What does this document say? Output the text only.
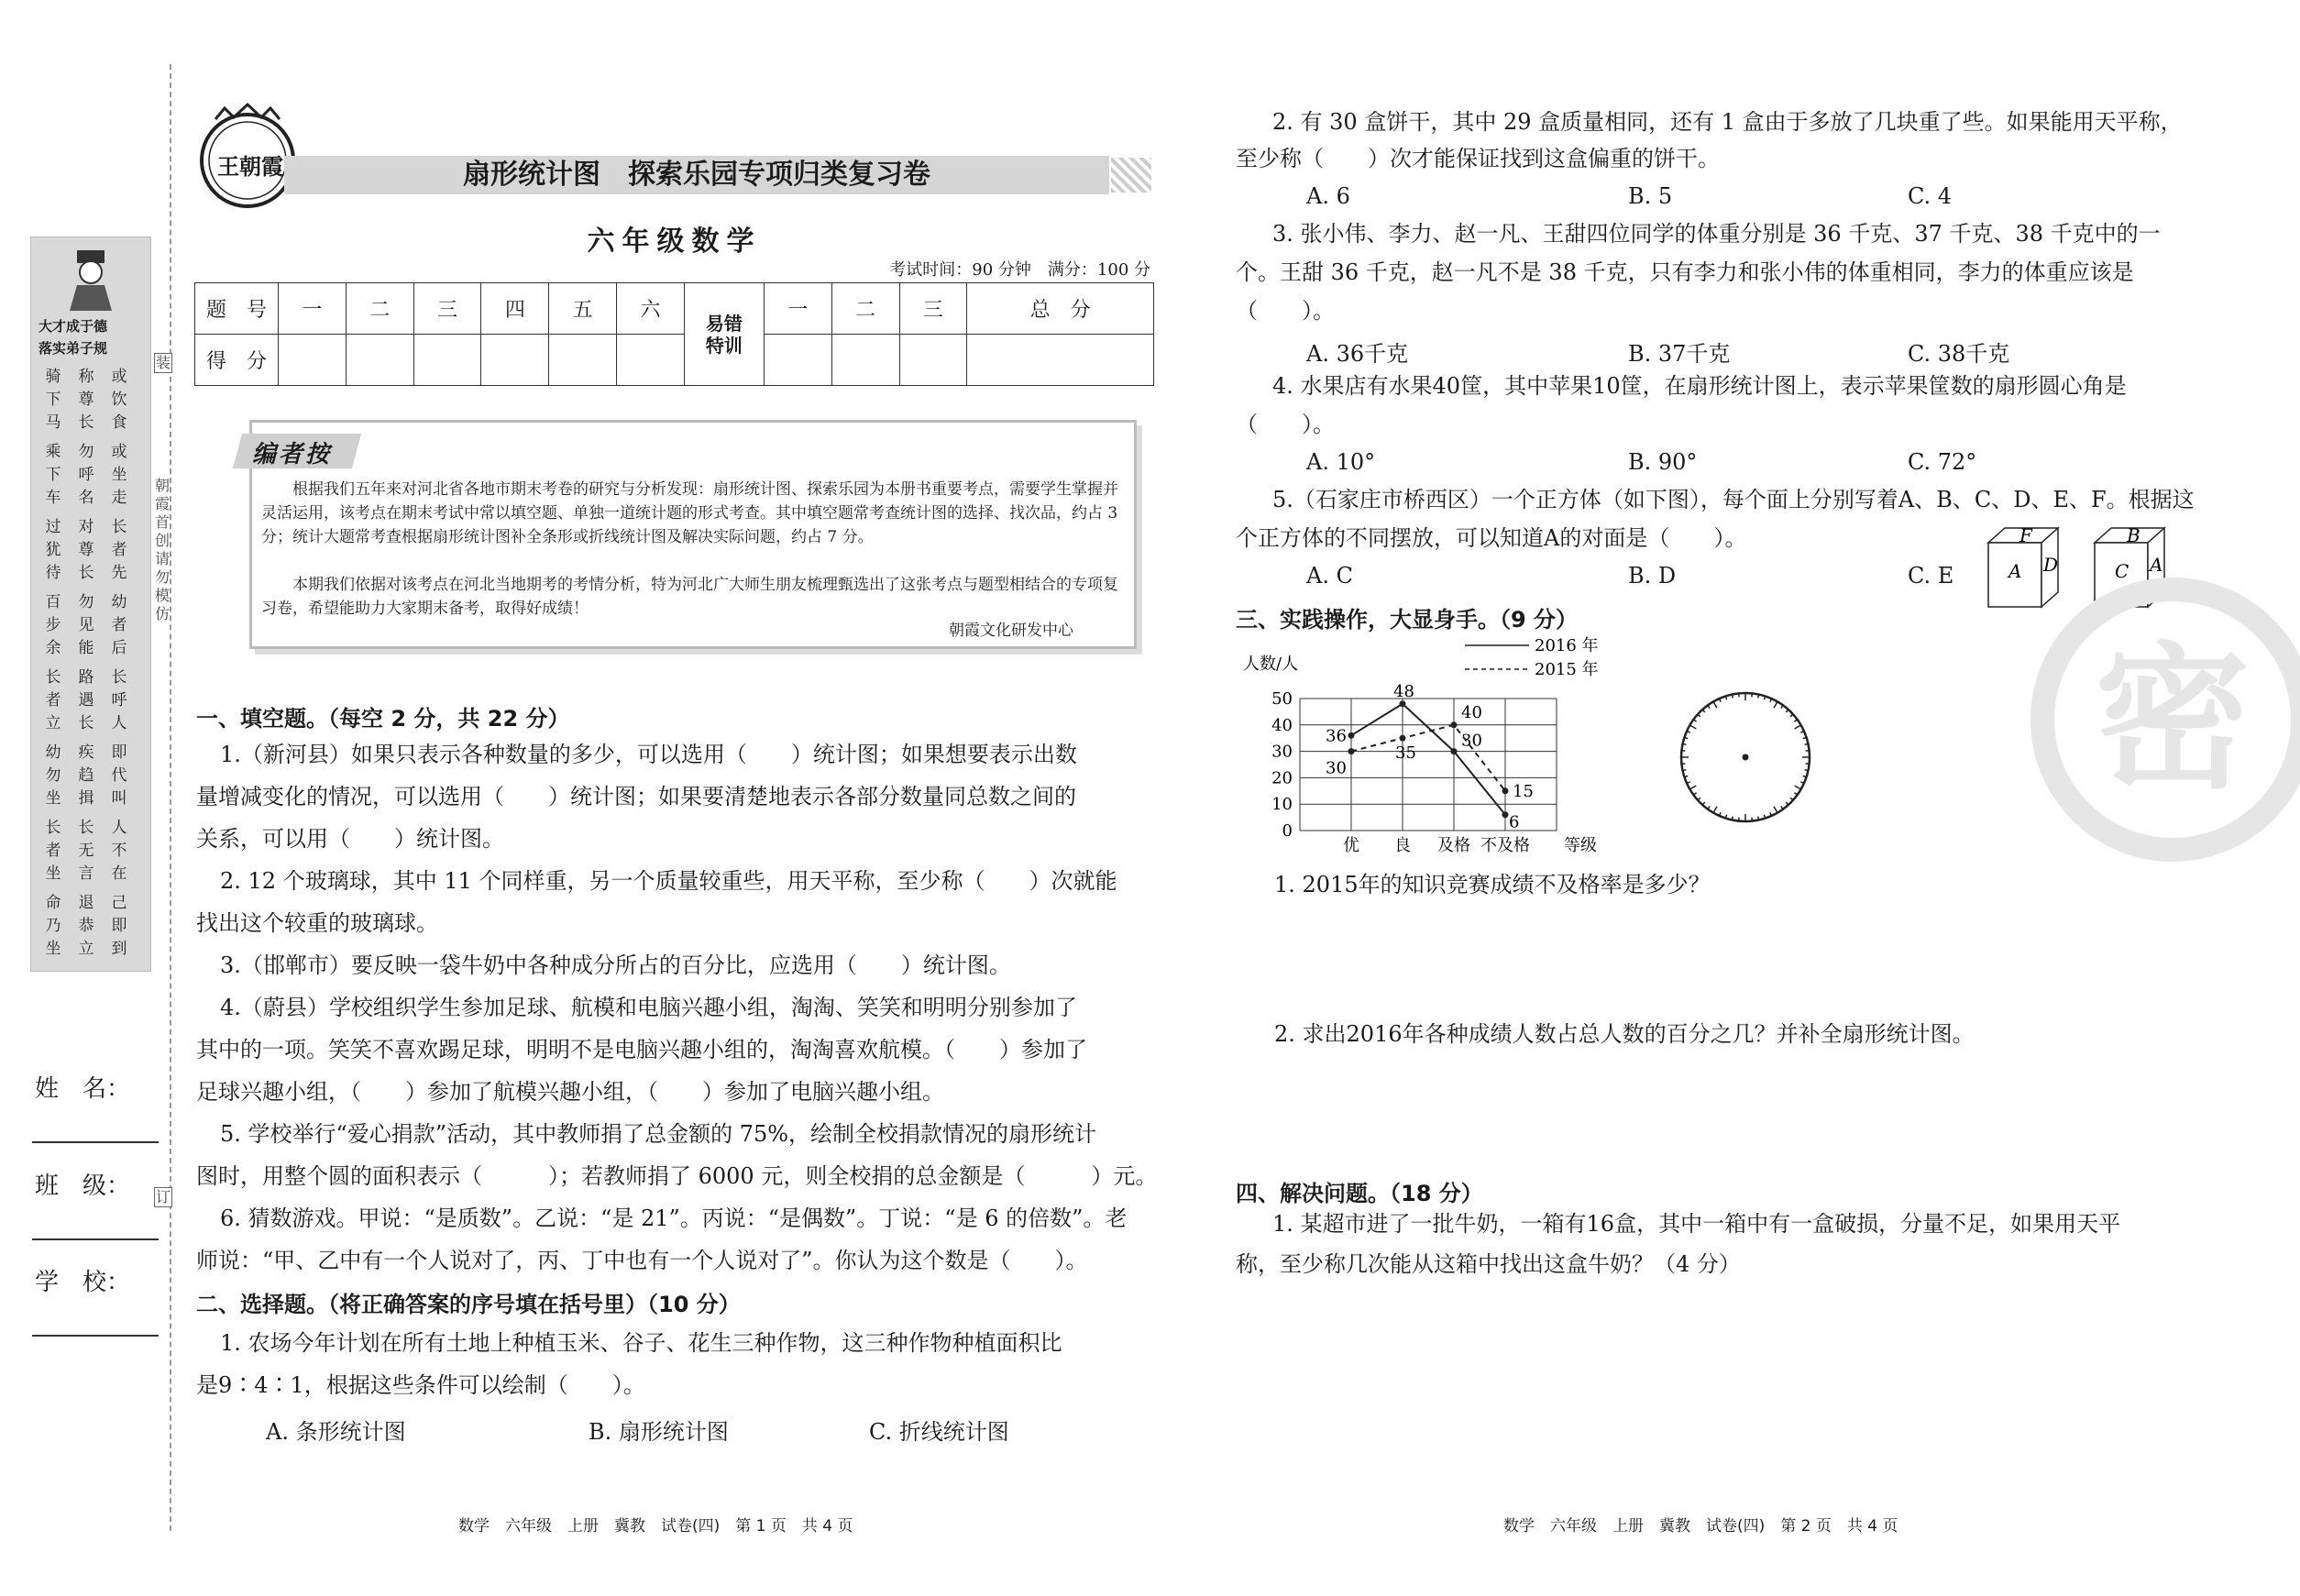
大才成于德
落实弟子规
骑下马
称尊长
或饮食
乘下车
勿呼名
或坐走
过犹待
对尊长
长者先
百步余
勿见能
幼者后
长者立
路遇长
长呼人
幼勿坐
疾趋揖
即代叫
长者坐
长无言
人不在
命乃坐
退恭立
己即到
姓　名：
班　级：
学　校：
装
朝霞首创　请勿模仿
订
王朝霞	扇形统计图　探索乐园专项归类复习卷
六年级数学
考试时间：90 分钟　满分：100 分
题　号	一	二	三	四	五	六	易错特训	一	二	三	总　分
得　分											
编者按
　　根据我们五年来对河北省各地市期末考卷的研究与分析发现：扇形统计图、探索乐园为本册书重要考点，需要学生掌握并灵活运用，该考点在期末考试中常以填空题、单独一道统计题的形式考查。其中填空题常考查统计图的选择、找次品，约占 3 分；统计大题常考查根据扇形统计图补全条形或折线统计图及解决实际问题，约占 7 分。
　　本期我们依据对该考点在河北当地期考的考情分析，特为河北广大师生朋友梳理甄选出了这张考点与题型相结合的专项复习卷，希望能助力大家期末备考，取得好成绩！
朝霞文化研发中心
一、填空题。（每空 2 分，共 22 分）
1.（新河县）如果只表示各种数量的多少，可以选用（　　）统计图；如果想要表示出数
量增减变化的情况，可以选用（　　）统计图；如果要清楚地表示各部分数量同总数之间的
关系，可以用（　　）统计图。
2. 12 个玻璃球，其中 11 个同样重，另一个质量较重些，用天平称，至少称（　　）次就能
找出这个较重的玻璃球。
3.（邯郸市）要反映一袋牛奶中各种成分所占的百分比，应选用（　　）统计图。
4.（蔚县）学校组织学生参加足球、航模和电脑兴趣小组，淘淘、笑笑和明明分别参加了
其中的一项。笑笑不喜欢踢足球，明明不是电脑兴趣小组的，淘淘喜欢航模。（　　）参加了
足球兴趣小组，（　　）参加了航模兴趣小组，（　　）参加了电脑兴趣小组。
5. 学校举行“爱心捐款”活动，其中教师捐了总金额的 75%，绘制全校捐款情况的扇形统计
图时，用整个圆的面积表示（　　　）；若教师捐了 6000 元，则全校捐的总金额是（　　　）元。
6. 猜数游戏。甲说：“是质数”。乙说：“是 21”。丙说：“是偶数”。丁说：“是 6 的倍数”。老
师说：“甲、乙中有一个人说对了，丙、丁中也有一个人说对了”。你认为这个数是（　　）。
二、选择题。（将正确答案的序号填在括号里）（10 分）
1. 农场今年计划在所有土地上种植玉米、谷子、花生三种作物，这三种作物种植面积比
是9∶4∶1，根据这些条件可以绘制（　　）。
A. 条形统计图	B. 扇形统计图	C. 折线统计图
数学　六年级　上册　冀教　试卷(四)　第 1 页　共 4 页
2. 有 30 盒饼干，其中 29 盒质量相同，还有 1 盒由于多放了几块重了些。如果能用天平称，
至少称（　　）次才能保证找到这盒偏重的饼干。
A. 6	B. 5	C. 4
3. 张小伟、李力、赵一凡、王甜四位同学的体重分别是 36 千克、37 千克、38 千克中的一
个。王甜 36 千克，赵一凡不是 38 千克，只有李力和张小伟的体重相同，李力的体重应该是
（　　）。
A. 36千克	B. 37千克	C. 38千克
4. 水果店有水果40筐，其中苹果10筐，在扇形统计图上，表示苹果筐数的扇形圆心角是
（　　）。
A. 10°	B. 90°	C. 72°
5.（石家庄市桥西区）一个正方体（如下图），每个面上分别写着A、B、C、D、E、F。根据这
个正方体的不同摆放，可以知道A的对面是（　　）。
A. C	B. D	C. E
F
A D
B
C A
三、实践操作，大显身手。（9 分）
0
10
20
30
40
50
人数/人
优 良 及格 不及格 等级
2016 年
2015 年
36
48
30
6
30
35
40
15
1. 2015年的知识竞赛成绩不及格率是多少？
2. 求出2016年各种成绩人数占总人数的百分之几？并补全扇形统计图。
四、解决问题。（18 分）
1. 某超市进了一批牛奶，一箱有16盒，其中一箱中有一盒破损，分量不足，如果用天平
称，至少称几次能从这箱中找出这盒牛奶？（4 分）
数学　六年级　上册　冀教　试卷(四)　第 2 页　共 4 页
密
